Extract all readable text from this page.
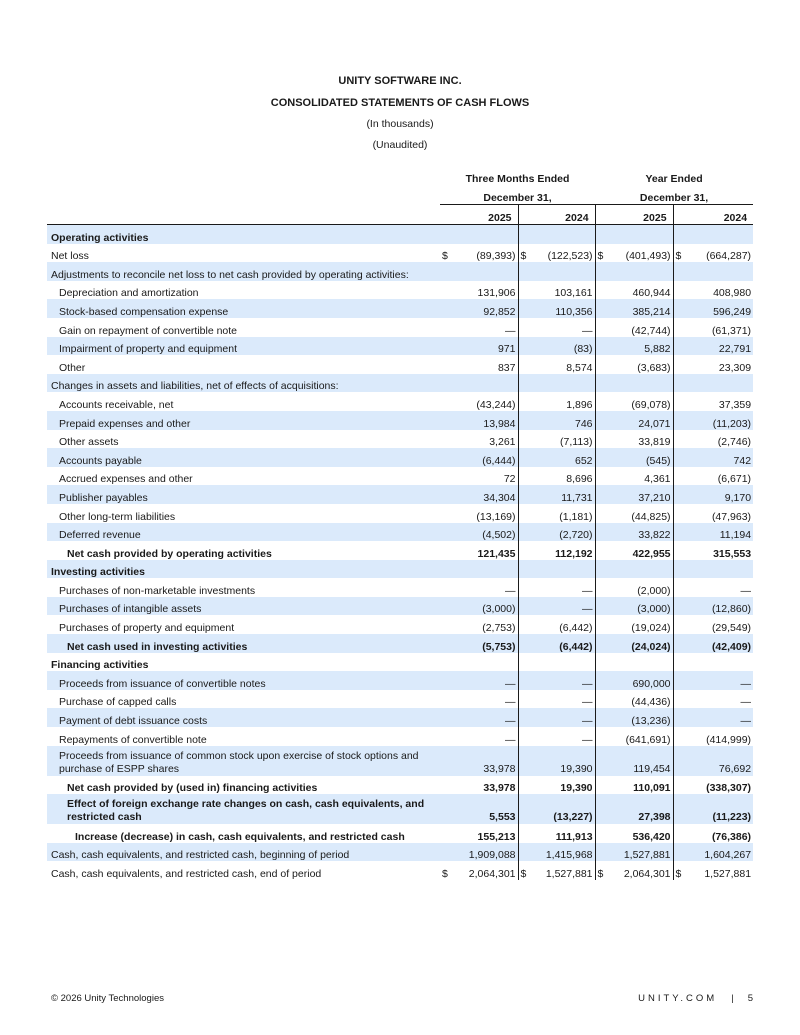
UNITY SOFTWARE INC.
CONSOLIDATED STATEMENTS OF CASH FLOWS
(In thousands)
(Unaudited)
	Three Months Ended				Year Ended			
	December 31,				December 31,			
	2025		2024		2025		2024	
Operating activities								
Net loss	$	(89,393)	$	(122,523)	$	(401,493)	$	(664,287)
Adjustments to reconcile net loss to net cash provided by operating activities:								
Depreciation and amortization		131,906		103,161		460,944		408,980
Stock-based compensation expense		92,852		110,356		385,214		596,249
Gain on repayment of convertible note		—		—		(42,744)		(61,371)
Impairment of property and equipment		971		(83)		5,882		22,791
Other		837		8,574		(3,683)		23,309
Changes in assets and liabilities, net of effects of acquisitions:								
Accounts receivable, net		(43,244)		1,896		(69,078)		37,359
Prepaid expenses and other		13,984		746		24,071		(11,203)
Other assets		3,261		(7,113)		33,819		(2,746)
Accounts payable		(6,444)		652		(545)		742
Accrued expenses and other		72		8,696		4,361		(6,671)
Publisher payables		34,304		11,731		37,210		9,170
Other long-term liabilities		(13,169)		(1,181)		(44,825)		(47,963)
Deferred revenue		(4,502)		(2,720)		33,822		11,194
Net cash provided by operating activities		121,435		112,192		422,955		315,553
Investing activities								
Purchases of non-marketable investments		—		—		(2,000)		—
Purchases of intangible assets		(3,000)		—		(3,000)		(12,860)
Purchases of property and equipment		(2,753)		(6,442)		(19,024)		(29,549)
Net cash used in investing activities		(5,753)		(6,442)		(24,024)		(42,409)
Financing activities								
Proceeds from issuance of convertible notes		—		—		690,000		—
Purchase of capped calls		—		—		(44,436)		—
Payment of debt issuance costs		—		—		(13,236)		—
Repayments of convertible note		—		—		(641,691)		(414,999)
Proceeds from issuance of common stock upon exercise of stock options and purchase of ESPP shares		33,978		19,390		119,454		76,692
Net cash provided by (used in) financing activities		33,978		19,390		110,091		(338,307)
Effect of foreign exchange rate changes on cash, cash equivalents, and restricted cash		5,553		(13,227)		27,398		(11,223)
Increase (decrease) in cash, cash equivalents, and restricted cash		155,213		111,913		536,420		(76,386)
Cash, cash equivalents, and restricted cash, beginning of period		1,909,088		1,415,968		1,527,881		1,604,267
Cash, cash equivalents, and restricted cash, end of period	$	2,064,301	$	1,527,881	$	2,064,301	$	1,527,881
© 2026 Unity Technologies	UNITY.COM | 5
